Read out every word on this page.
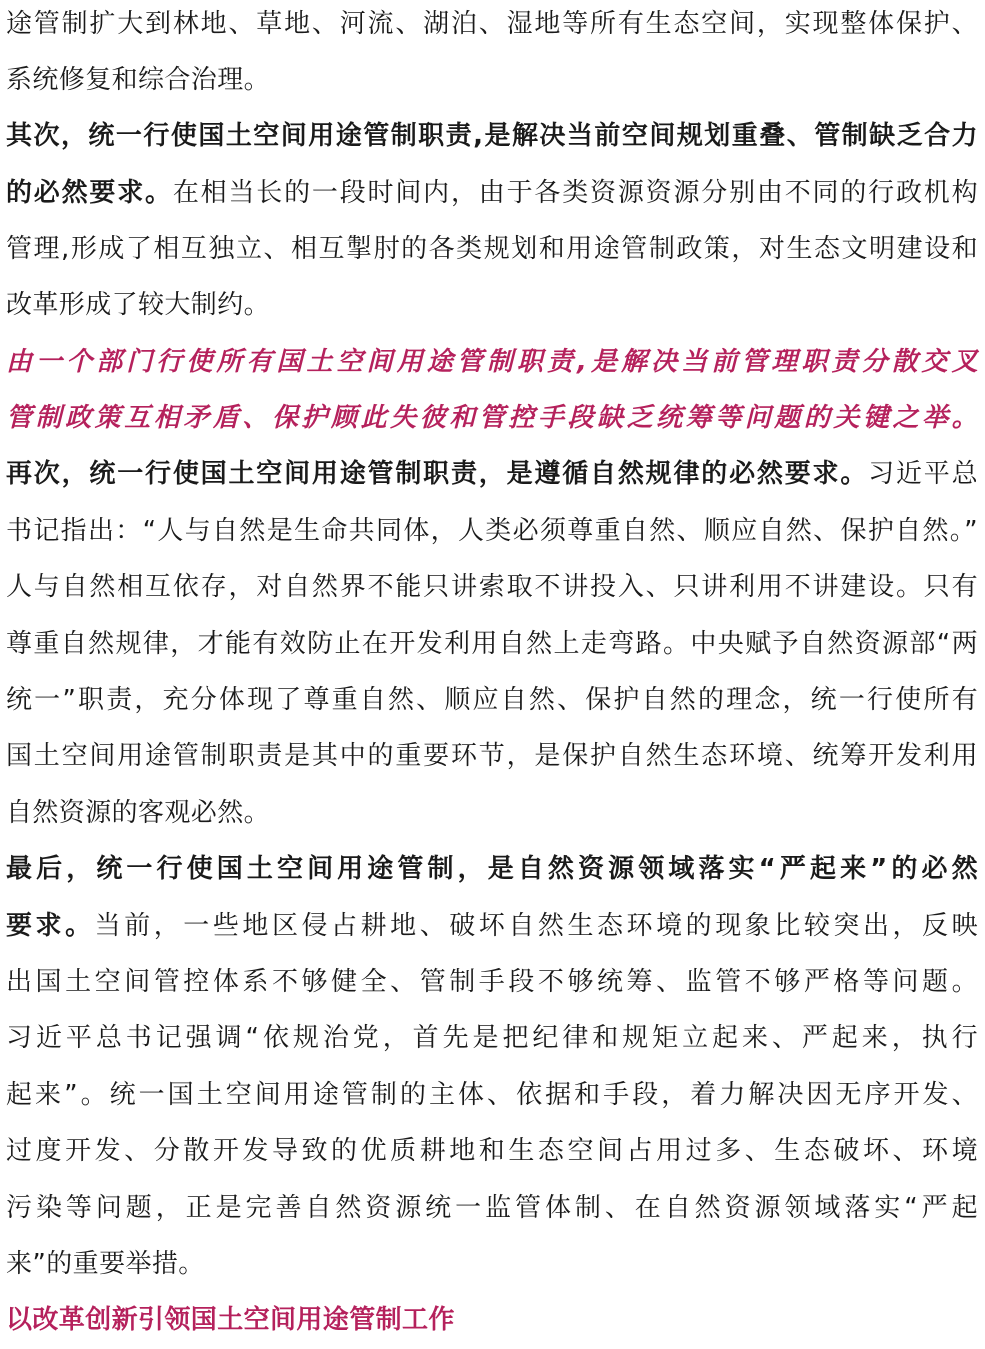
途管制扩大到林地、草地、河流、湖泊、湿地等所有生态空间，实现整体保护、
系统修复和综合治理。
其次，统一行使国土空间用途管制职责,是解决当前空间规划重叠、管制缺乏合力
的必然要求。在相当长的一段时间内，由于各类资源资源分别由不同的行政机构
管理,形成了相互独立、相互掣肘的各类规划和用途管制政策，对生态文明建设和
改革形成了较大制约。
由一个部门行使所有国土空间用途管制职责,是解决当前管理职责分散交叉
管制政策互相矛盾、保护顾此失彼和管控手段缺乏统筹等问题的关键之举。
再次，统一行使国土空间用途管制职责，是遵循自然规律的必然要求。习近平总
书记指出：“人与自然是生命共同体，人类必须尊重自然、顺应自然、保护自然。”
人与自然相互依存，对自然界不能只讲索取不讲投入、只讲利用不讲建设。只有
尊重自然规律，才能有效防止在开发利用自然上走弯路。中央赋予自然资源部“两
统一”职责，充分体现了尊重自然、顺应自然、保护自然的理念，统一行使所有
国土空间用途管制职责是其中的重要环节，是保护自然生态环境、统筹开发利用
自然资源的客观必然。
最后，统一行使国土空间用途管制，是自然资源领域落实“严起来”的必然
要求。当前，一些地区侵占耕地、破坏自然生态环境的现象比较突出，反映
出国土空间管控体系不够健全、管制手段不够统筹、监管不够严格等问题。
习近平总书记强调“依规治党，首先是把纪律和规矩立起来、严起来，执行
起来”。统一国土空间用途管制的主体、依据和手段，着力解决因无序开发、
过度开发、分散开发导致的优质耕地和生态空间占用过多、生态破坏、环境
污染等问题，正是完善自然资源统一监管体制、在自然资源领域落实“严起
来”的重要举措。
以改革创新引领国土空间用途管制工作
